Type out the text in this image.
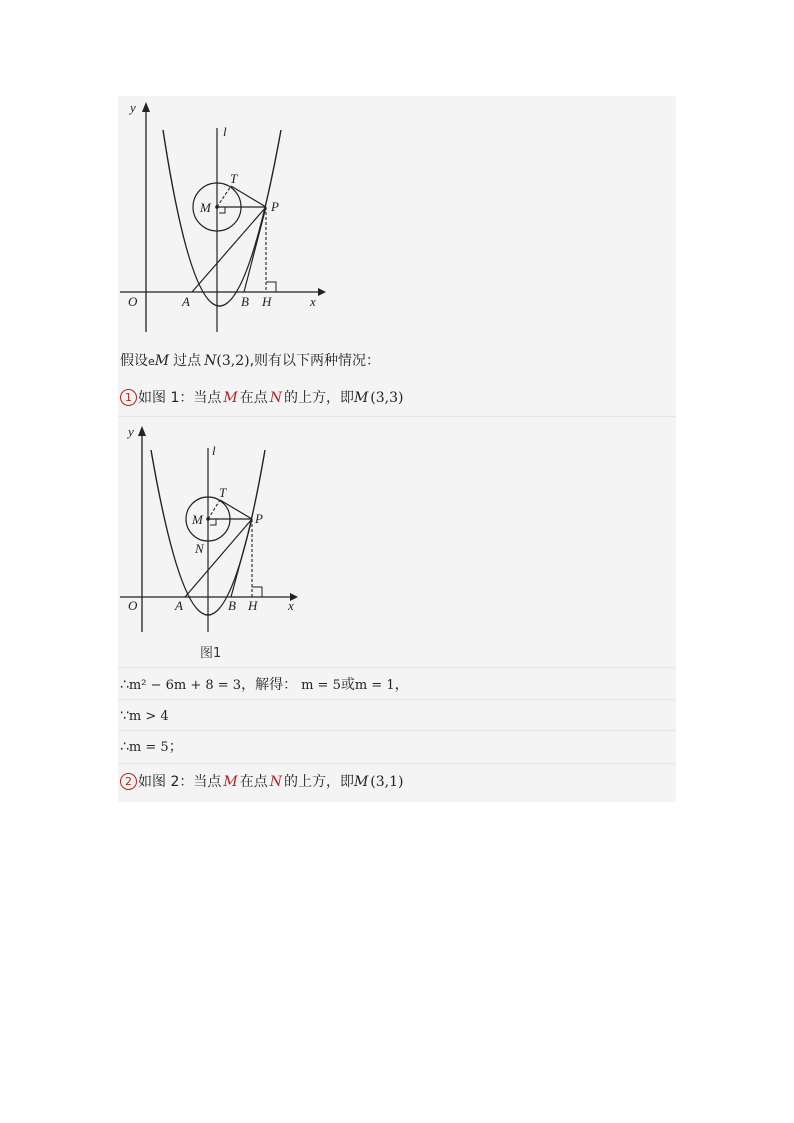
y
l
T
M	P
O	A	B H	x
假设eM 过点 N(3,2),则有以下两种情况：
1 如图 1：当点 M 在点 N 的上方，即M (3,3)
y
l
T
M	P
N
O	A	B H x
图1
∴m² − 6m + 8 = 3，解得： m = 5或m = 1，
∵m > 4
∴m = 5；
2 如图 2：当点 M 在点 N 的上方，即M (3,1)
